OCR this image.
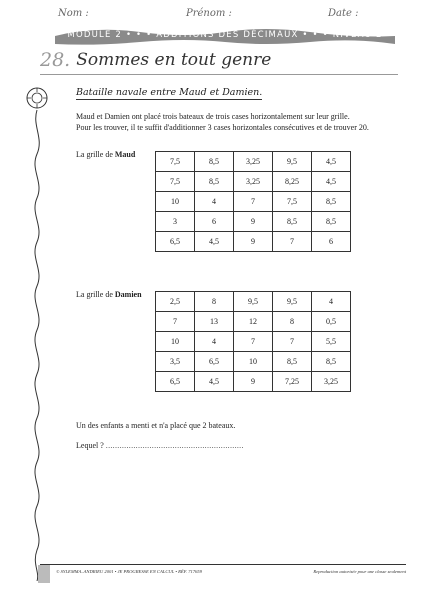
Nom :	Prénom :	Date :
MODULE 2 • • • ADDITIONS DES DÉCIMAUX • • • NIVEAU 2
28. Sommes en tout genre
Bataille navale entre Maud et Damien.
Maud et Damien ont placé trois bateaux de trois cases horizontalement sur leur grille.
Pour les trouver, il te suffit d'additionner 3 cases horizontales consécutives et de trouver 20.
La grille de Maud
7,5	8,5	3,25	9,5	4,5
7,5	8,5	3,25	8,25	4,5
10	4	7	7,5	8,5
3	6	9	8,5	8,5
6,5	4,5	9	7	6
La grille de Damien
2,5	8	9,5	9,5	4
7	13	12	8	0,5
10	4	7	7	5,5
3,5	6,5	10	8,5	8,5
6,5	4,5	9	7,25	3,25
Un des enfants a menti et n'a placé que 2 bateaux.
Lequel ? ............................................................
© SYLEMMA–ANDRIEU 2001 • JE PROGRESSE EN CALCUL • RÉF. 717659	Reproduction autorisée pour une classe seulement
